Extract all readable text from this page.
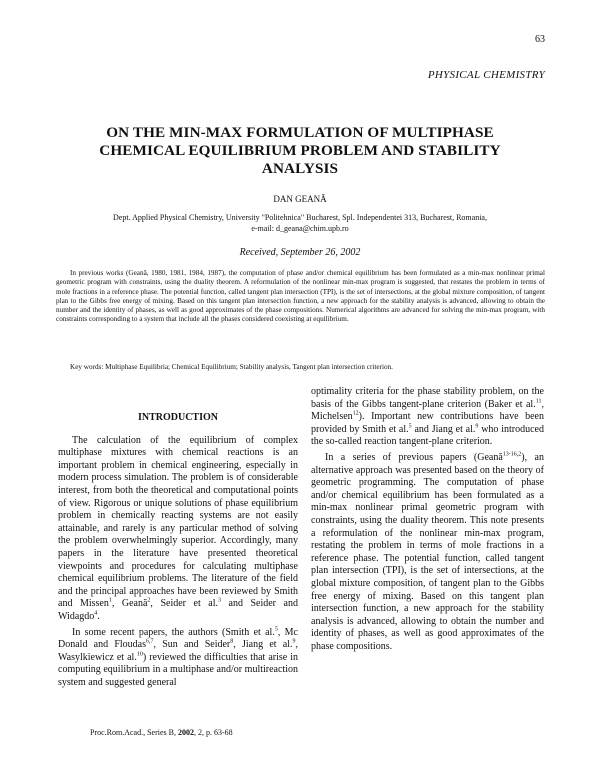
63
PHYSICAL CHEMISTRY
ON THE MIN-MAX FORMULATION OF MULTIPHASE
CHEMICAL EQUILIBRIUM PROBLEM AND STABILITY
ANALYSIS
DAN GEANĂ
Dept. Applied Physical Chemistry, University "Politehnica" Bucharest, Spl. Independentei 313, Bucharest, Romania,
e-mail: d_geana@chim.upb.ro
Received, September 26, 2002
In previous works (Geană, 1980, 1981, 1984, 1987), the computation of phase and/or chemical equilibrium has been formulated as a min-max nonlinear primal geometric program with constraints, using the duality theorem. A reformulation of the nonlinear min-max program is suggested, that restates the problem in terms of mole fractions in a reference phase. The potential function, called tangent plan intersection (TPI), is the set of intersections, at the global mixture composition, of tangent plan to the Gibbs free energy of mixing. Based on this tangent plan intersection function, a new approach for the stability analysis is advanced, allowing to obtain the number and the identity of phases, as well as good approximates of the phase compositions. Numerical algorithms are advanced for solving the min-max program, with constraints corresponding to a system that include all the phases considered coexisting at equilibrium.
Key words: Multiphase Equilibria; Chemical Equilibrium; Stability analysis, Tangent plan intersection criterion.
INTRODUCTION

The calculation of the equilibrium of complex multiphase mixtures with chemical reactions is an important problem in chemical engineering, especially in modern process simulation. The problem is of considerable interest, from both the theoretical and computational points of view. Rigorous or unique solutions of phase equilibrium problem in chemically reacting systems are not easily attainable, and rarely is any particular method of solving the problem overwhelmingly superior. Accordingly, many papers in the literature have presented theoretical viewpoints and procedures for calculating multiphase chemical equilibrium problems. The literature of the field and the principal approaches have been reviewed by Smith and Missen$^1$, Geană$^2$, Seider et al.$^3$ and Seider and Widagdo$^4$.

In some recent papers, the authors (Smith et al.$^5$, Mc Donald and Floudas$^{6,7}$, Sun and Seider$^8$, Jiang et al.$^9$, Wasylkiewicz et al.$^{10}$) reviewed the difficulties that arise in computing equilibrium in a multiphase and/or multireaction system and suggested general

optimality criteria for the phase stability problem, on the basis of the Gibbs tangent-plane criterion (Baker et al.$^{11}$, Michelsen$^{12}$). Important new contributions have been provided by Smith et al.$^5$ and Jiang et al.$^9$ who introduced the so-called reaction tangent-plane criterion.

In a series of previous papers (Geană$^{13-16,2}$), an alternative approach was presented based on the theory of geometric programming. The computation of phase and/or chemical equilibrium has been formulated as a min-max nonlinear primal geometric program with constraints, using the duality theorem. This note presents a reformulation of the nonlinear min-max program, restating the problem in terms of mole fractions in a reference phase. The potential function, called tangent plan intersection (TPI), is the set of intersections, at the global mixture composition, of tangent plan to the Gibbs free energy of mixing. Based on this tangent plan intersection function, a new approach for the stability analysis is advanced, allowing to obtain the number and identity of phases, as well as good approximates of the phase compositions.

Proc.Rom.Acad., Series B, 2002, 2, p. 63-68
